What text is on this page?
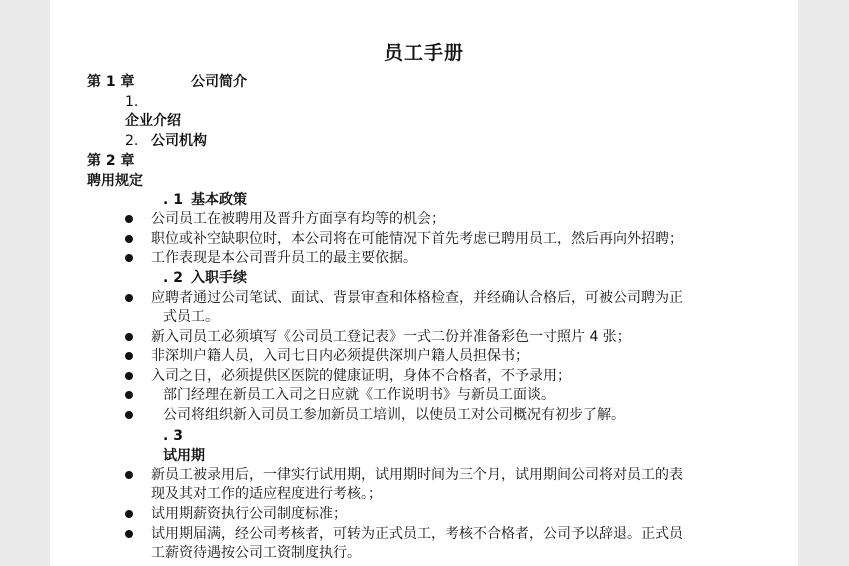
员工手册
第 1 章	公司简介
1.
企业介绍
2. 公司机构
第 2 章
聘用规定
. 1 基本政策
公司员工在被聘用及晋升方面享有均等的机会；
职位或补空缺职位时，本公司将在可能情况下首先考虑已聘用员工，然后再向外招聘；
工作表现是本公司晋升员工的最主要依据。
. 2 入职手续
应聘者通过公司笔试、面试、背景审查和体格检查，并经确认合格后，可被公司聘为正
式员工。
新入司员工必须填写《公司员工登记表》一式二份并准备彩色一寸照片 4 张；
非深圳户籍人员，入司七日内必须提供深圳户籍人员担保书；
入司之日，必须提供区医院的健康证明，身体不合格者，不予录用；
部门经理在新员工入司之日应就《工作说明书》与新员工面谈。
公司将组织新入司员工参加新员工培训，以使员工对公司概况有初步了解。
. 3
试用期
新员工被录用后，一律实行试用期，试用期时间为三个月，试用期间公司将对员工的表
现及其对工作的适应程度进行考核。；
试用期薪资执行公司制度标准；
试用期届满，经公司考核者，可转为正式员工，考核不合格者，公司予以辞退。正式员
工薪资待遇按公司工资制度执行。
